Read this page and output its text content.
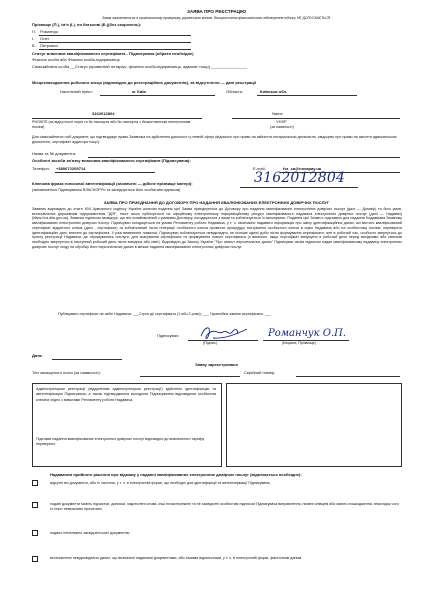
ЗАЯВА ПРО РЕЄСТРАЦІЮ
Заява заповнюється в оригінальному примірнику українською мовою. Використання факсимільного відтворення підпису НЕ ДОПУСКАЄТЬСЯ.
Прізвище (П.), ім'я (І.), по батькові (Б.)(без скорочень):
П. Романчук
І. Олег
Б. Петрович
Статус власника кваліфікованого сертифіката - Підписувача (обрати необхідне)
Фізична особа або Фізична особа-підприємець
Самозайнята особа __Статус (приватний нотаріус, фізична особа-підприємець, адвокат тощо) ________________
Місцезнаходження робочого місця (відповідно до реєстраційних документів), за відсутністю — дані реєстрації
Населений пункт:	м. Київ	Область:	Київська обл.
3162012804	Name
РНОКПП (за відсутності серія та № паспорта або № паспорта з безконтактним електронним носієм)
УНЗР
(за наявності)
Для самозайнятих осіб документ, що підтверджує право Заявника на здійснення діяльності у певній сфері (відомості про право на зайняття нотаріальною діяльністю, свідоцтво про право на заняття адвокатською діяльністю, сертифікат аудитора тощо):
Назва та № документа:
Особисті засоби зв'язку власника кваліфікованого сертифіката (Підписувача):
Телефон: +380672209714	E-mail:	for_ca@novapay.ua
Ключова фраза голосової автентифікації (зазначені — дійсне прізвище матері):
(заповнюється Підписувачем ВЛАСНОРУЧ та засвідчується його особистим підписом)
3162012804
ЗАЯВА ПРО ПРИЄДНАННЯ ДО ДОГОВОРУ ПРО НАДАННЯ КВАЛІФІКОВАНИХ ЕЛЕКТРОННИХ ДОВІРЧИХ ПОСЛУГ
Заявник відповідно до статті 634 Цивільного кодексу України шляхом подання цієї Заяви приєднується до Договору про надання кваліфікованих електронних довірчих послуг (далі — Договір) та його умов, встановлених державним підприємством "ДІЯ", текст якого публікується на офіційному електронному інформаційному ресурсі кваліфікованого надавача електронних довірчих послуг (далі — Надавач) (https://ca.diia.gov.ua). Заявник підписом засвідчує, що він ознайомлений з умовами Договору, погоджується з ними та зобов'язується їх виконувати. Подання цієї Заяви є підставою для надання Надавачем Заявнику кваліфікованих електронних довірчих послуг. Підписувач погоджується на умови Регламенту роботи Надавача, у т. ч. своєчасно надавати інформацію про зміну ідентифікаційних даних, які містить кваліфікований сертифікат відкритого ключа (далі - сертифікат) та зобов'язаний після генерації особистого ключа провести процедуру зчитування особистого ключа в офісі Надавача або на особистому носієві, перевірити ідентифікаційні дані, внесені до сертифіката. У разі виявлення помилок, Підписувач зобов'язується невідкладно, не пізніше однієї доби після формування сертифіката, але в робочий час, особисто звернутись до пункту реєстрації Надавача, де отримувались послуги, для скасування сертифіката та формування нового сертифіката (з вимогою, якщо сертифікат випущено в робочий день перед вихідними або святкові необхідно звернутися в наступний робочий день після вихідних або свят). Відповідно до Закону України "Про захист персональних даних" Підписувач своїм підписом надає кваліфікованому надавачу електронних довірчих послуг згоду на обробку його персональних даних в межах надання кваліфікованих електронних довірчих послуг.
Публікувати сертифікат на сайті Надавача: ___Строк дії сертифіката (1 або 2 роки): ___ Гарантійна заміна сертифіката: ___
Підписувач:	Романчук О.П.
(Підпис)	(Ініціали, Прізвище)
Дата:
Заяву зареєстровано
Тип захищеного носія (за наявності):	Серійний номер:
Адміністратором реєстрації (віддаленим адміністратором реєстрації) здійснено ідентифікацію та автентифікацію Підписувача, а також підтвердження володіння Підписувачем відповідним особистим ключем згідно з вимогами Регламенту роботи Надавача.
Підстави надання кваліфікованих електронних довірчих послуг відповідно до визначеного тарифу перевірено
Надавачем прийнято рішення про відмову у наданні кваліфікованих електронних довірчих послуг (відмічається необхідне):
відсутні всі документи, або їх частина, у т. ч. в електронній формі, що необхідні для ідентифікації та автентифікації Підписувача;
подані документи мають підчистки, дописки, закреслені слова, інші незастережені та не засвідчені особистим підписом Підписувача виправлення, наявні олівцеві або мають пошкодження, внаслідок чого їх текст неможливо прочитати;
подано неналежно засвідчені копії документів;
встановлено невідповідність даних, що визначені наданими документами, або іншими відомостями, у т. ч. в електронній формі, фактичним даним.
